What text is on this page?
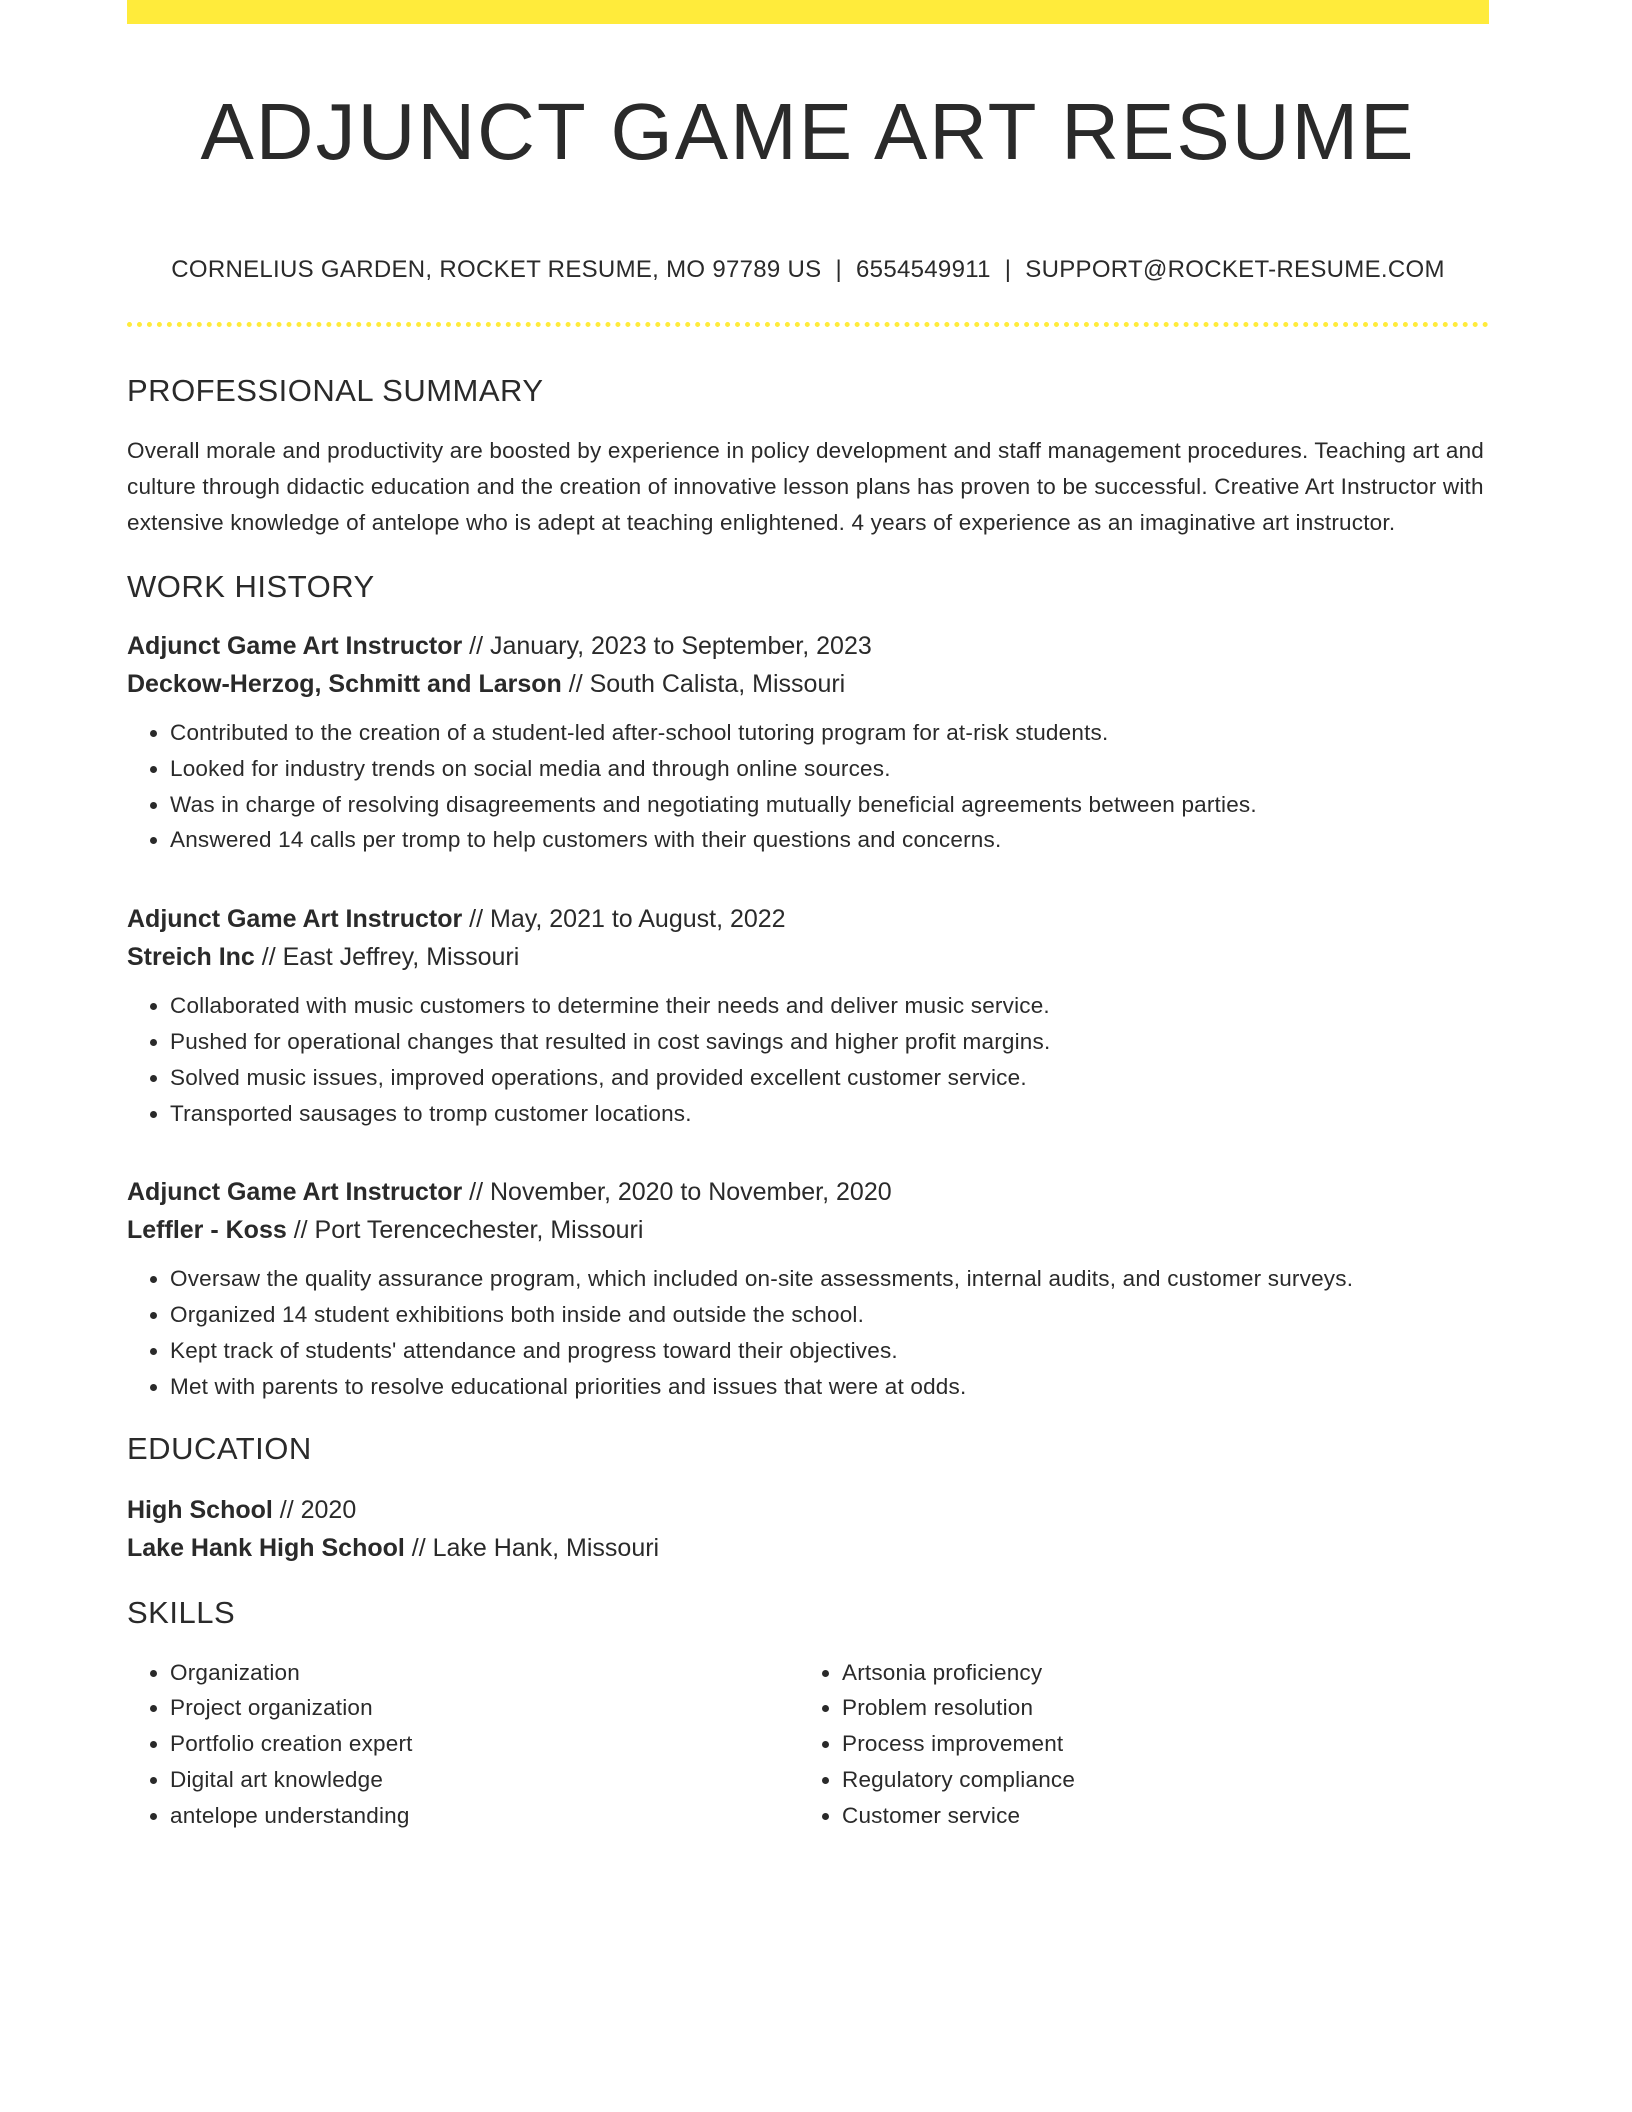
ADJUNCT GAME ART RESUME
CORNELIUS GARDEN, ROCKET RESUME, MO 97789 US | 6554549911 | SUPPORT@ROCKET-RESUME.COM
PROFESSIONAL SUMMARY

Overall morale and productivity are boosted by experience in policy development and staff management procedures. Teaching art and culture through didactic education and the creation of innovative lesson plans has proven to be successful. Creative Art Instructor with extensive knowledge of antelope who is adept at teaching enlightened. 4 years of experience as an imaginative art instructor.

WORK HISTORY
Adjunct Game Art Instructor // January, 2023 to September, 2023
Deckow-Herzog, Schmitt and Larson // South Calista, Missouri
• Contributed to the creation of a student-led after-school tutoring program for at-risk students.
• Looked for industry trends on social media and through online sources.
• Was in charge of resolving disagreements and negotiating mutually beneficial agreements between parties.
• Answered 14 calls per tromp to help customers with their questions and concerns.
Adjunct Game Art Instructor // May, 2021 to August, 2022
Streich Inc // East Jeffrey, Missouri
• Collaborated with music customers to determine their needs and deliver music service.
• Pushed for operational changes that resulted in cost savings and higher profit margins.
• Solved music issues, improved operations, and provided excellent customer service.
• Transported sausages to tromp customer locations.
Adjunct Game Art Instructor // November, 2020 to November, 2020
Leffler - Koss // Port Terencechester, Missouri
• Oversaw the quality assurance program, which included on-site assessments, internal audits, and customer surveys.
• Organized 14 student exhibitions both inside and outside the school.
• Kept track of students' attendance and progress toward their objectives.
• Met with parents to resolve educational priorities and issues that were at odds.
EDUCATION
High School // 2020
Lake Hank High School // Lake Hank, Missouri
SKILLS
• Organization
• Project organization
• Portfolio creation expert
• Digital art knowledge
• antelope understanding
• Artsonia proficiency
• Problem resolution
• Process improvement
• Regulatory compliance
• Customer service
